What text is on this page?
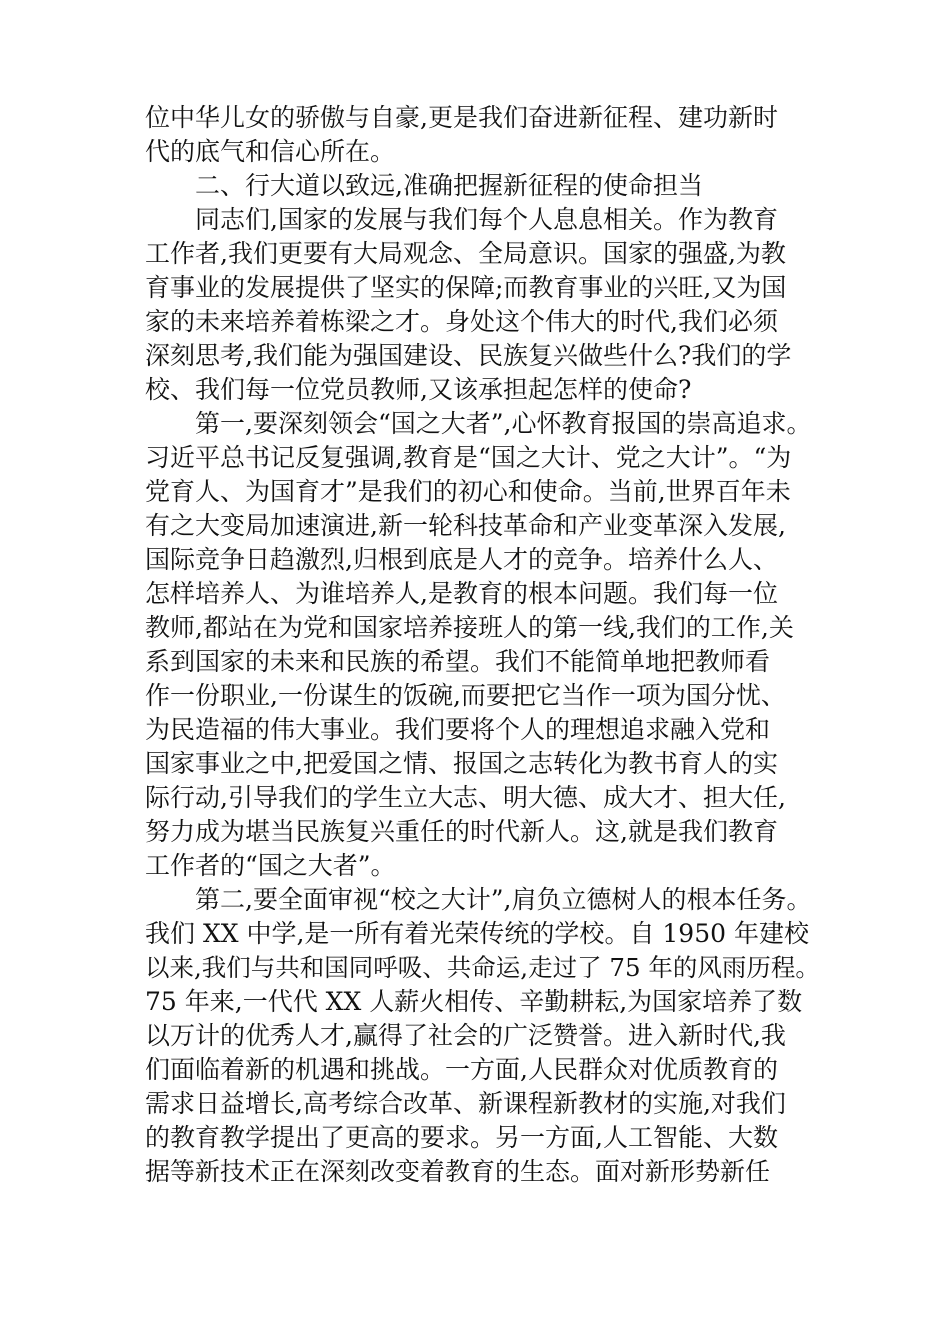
位中华儿女的骄傲与自豪,更是我们奋进新征程、建功新时
代的底气和信心所在。
二、行大道以致远,准确把握新征程的使命担当
同志们,国家的发展与我们每个人息息相关。作为教育
工作者,我们更要有大局观念、全局意识。国家的强盛,为教
育事业的发展提供了坚实的保障;而教育事业的兴旺,又为国
家的未来培养着栋梁之才。身处这个伟大的时代,我们必须
深刻思考,我们能为强国建设、民族复兴做些什么?我们的学
校、我们每一位党员教师,又该承担起怎样的使命?
第一,要深刻领会“国之大者”,心怀教育报国的崇高追求。
习近平总书记反复强调,教育是“国之大计、党之大计”。“为
党育人、为国育才”是我们的初心和使命。当前,世界百年未
有之大变局加速演进,新一轮科技革命和产业变革深入发展,
国际竞争日趋激烈,归根到底是人才的竞争。培养什么人、
怎样培养人、为谁培养人,是教育的根本问题。我们每一位
教师,都站在为党和国家培养接班人的第一线,我们的工作,关
系到国家的未来和民族的希望。我们不能简单地把教师看
作一份职业,一份谋生的饭碗,而要把它当作一项为国分忧、
为民造福的伟大事业。我们要将个人的理想追求融入党和
国家事业之中,把爱国之情、报国之志转化为教书育人的实
际行动,引导我们的学生立大志、明大德、成大才、担大任,
努力成为堪当民族复兴重任的时代新人。这,就是我们教育
工作者的“国之大者”。
第二,要全面审视“校之大计”,肩负立德树人的根本任务。
我们 XX 中学,是一所有着光荣传统的学校。自 1950 年建校
以来,我们与共和国同呼吸、共命运,走过了 75 年的风雨历程。
75 年来,一代代 XX 人薪火相传、辛勤耕耘,为国家培养了数
以万计的优秀人才,赢得了社会的广泛赞誉。进入新时代,我
们面临着新的机遇和挑战。一方面,人民群众对优质教育的
需求日益增长,高考综合改革、新课程新教材的实施,对我们
的教育教学提出了更高的要求。另一方面,人工智能、大数
据等新技术正在深刻改变着教育的生态。面对新形势新任
